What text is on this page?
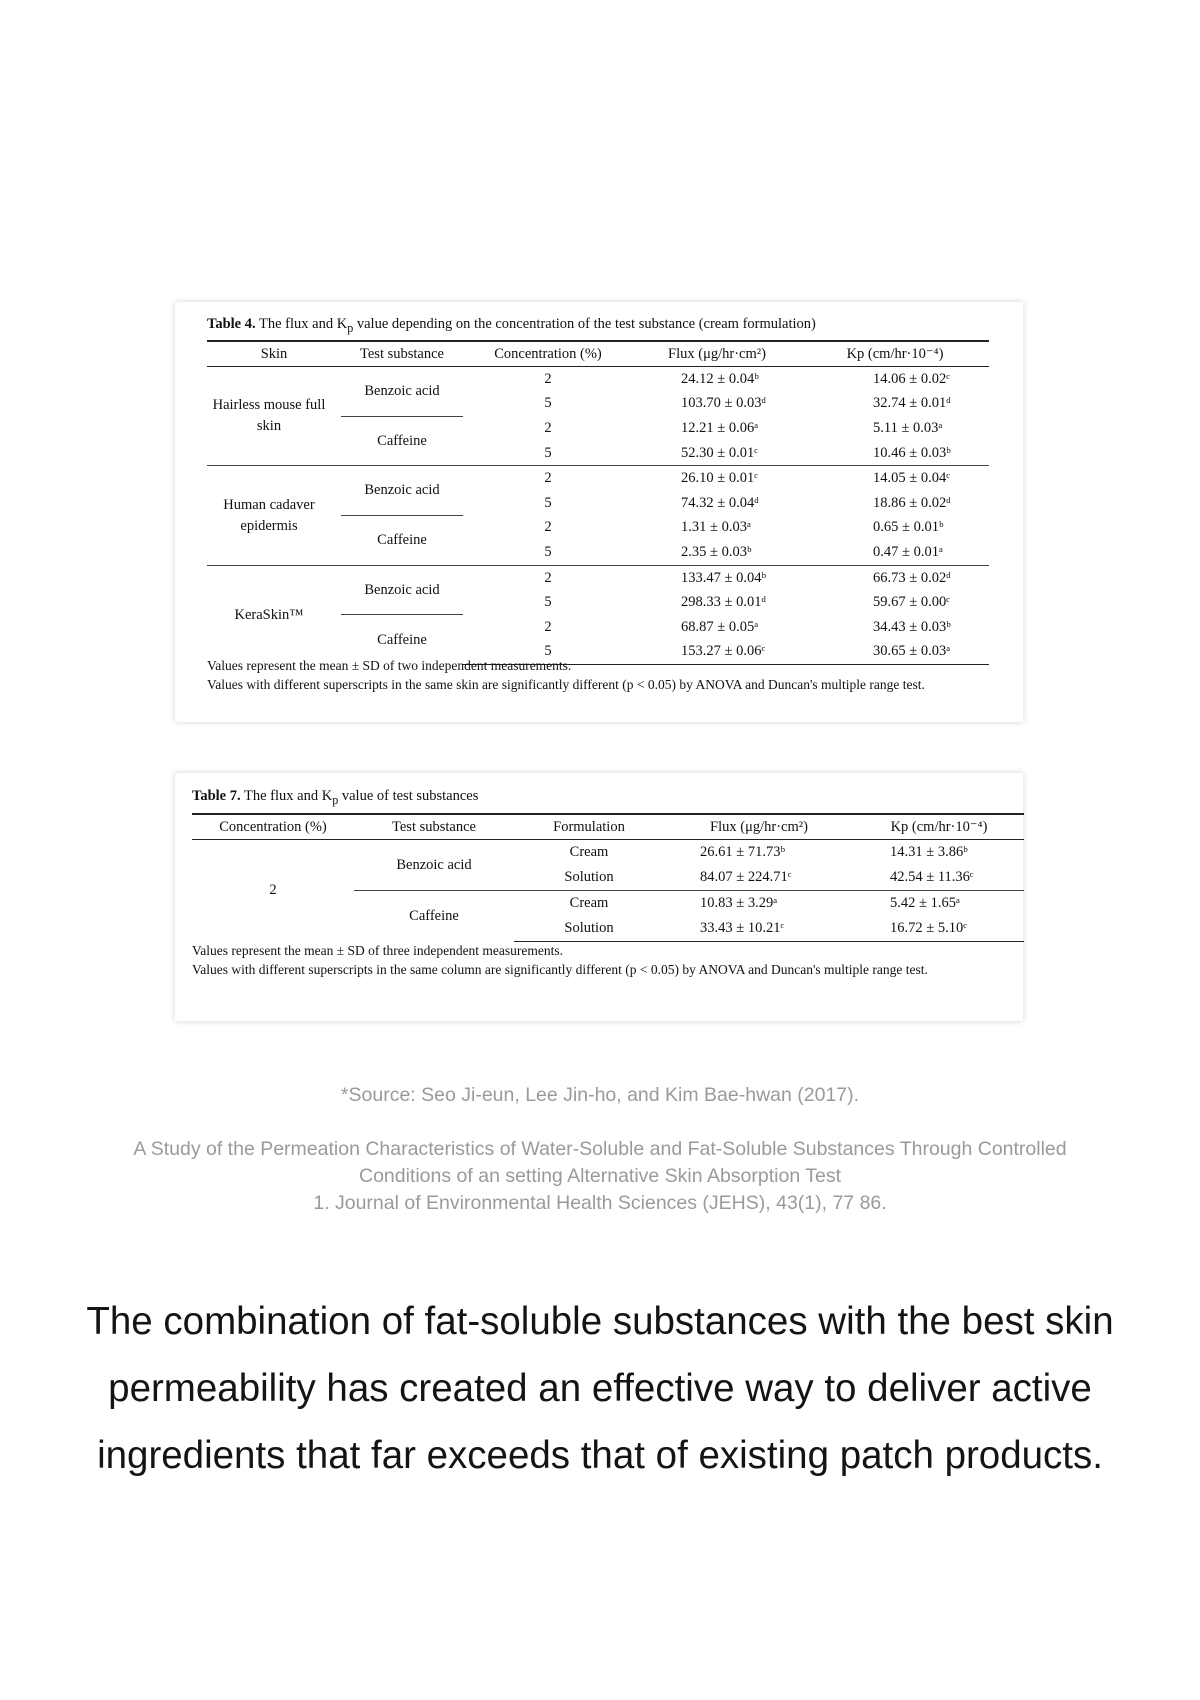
Table 4. The flux and $K_p$ value depending on the concentration of the test substance (cream formulation)
Skin	Test substance	Concentration (%)	Flux (μg/hr·cm²)	Kp (cm/hr·10⁻⁴)
Hairless mouse full skin	Benzoic acid	2	24.12 ± 0.04ᵇ	14.06 ± 0.02ᶜ
		5	103.70 ± 0.03ᵈ	32.74 ± 0.01ᵈ
	Caffeine	2	12.21 ± 0.06ᵃ	5.11 ± 0.03ᵃ
		5	52.30 ± 0.01ᶜ	10.46 ± 0.03ᵇ
Human cadaver epidermis	Benzoic acid	2	26.10 ± 0.01ᶜ	14.05 ± 0.04ᶜ
		5	74.32 ± 0.04ᵈ	18.86 ± 0.02ᵈ
	Caffeine	2	1.31 ± 0.03ᵃ	0.65 ± 0.01ᵇ
		5	2.35 ± 0.03ᵇ	0.47 ± 0.01ᵃ
KeraSkin™	Benzoic acid	2	133.47 ± 0.04ᵇ	66.73 ± 0.02ᵈ
		5	298.33 ± 0.01ᵈ	59.67 ± 0.00ᶜ
	Caffeine	2	68.87 ± 0.05ᵃ	34.43 ± 0.03ᵇ
		5	153.27 ± 0.06ᶜ	30.65 ± 0.03ᵃ
Values represent the mean ± SD of two independent measurements.
Values with different superscripts in the same skin are significantly different (p < 0.05) by ANOVA and Duncan's multiple range test.
Table 7. The flux and $K_p$ value of test substances
Concentration (%)	Test substance	Formulation	Flux (μg/hr·cm²)	Kp (cm/hr·10⁻⁴)
2	Benzoic acid	Cream	26.61 ± 71.73ᵇ	14.31 ± 3.86ᵇ
		Solution	84.07 ± 224.71ᶜ	42.54 ± 11.36ᶜ
	Caffeine	Cream	10.83 ± 3.29ᵃ	5.42 ± 1.65ᵃ
		Solution	33.43 ± 10.21ᶜ	16.72 ± 5.10ᶜ
Values represent the mean ± SD of three independent measurements.
Values with different superscripts in the same column are significantly different (p < 0.05) by ANOVA and Duncan's multiple range test.
*Source: Seo Ji-eun, Lee Jin-ho, and Kim Bae-hwan (2017).
A Study of the Permeation Characteristics of Water-Soluble and Fat-Soluble Substances Through Controlled
Conditions of an setting Alternative Skin Absorption Test
1. Journal of Environmental Health Sciences (JEHS), 43(1), 77 86.
The combination of fat-soluble substances with the best skin
permeability has created an effective way to deliver active
ingredients that far exceeds that of existing patch products.
